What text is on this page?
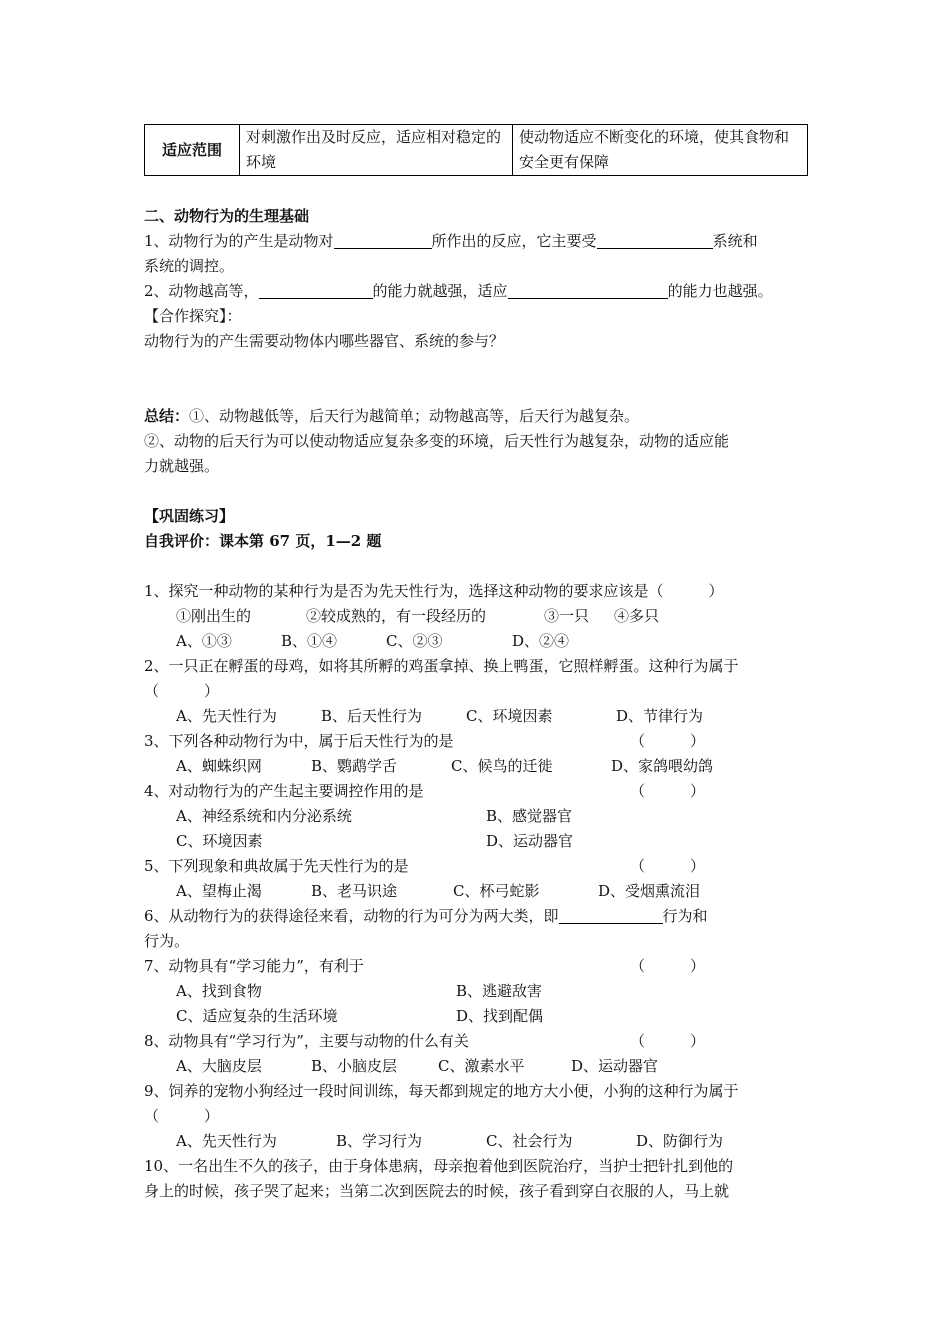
适应范围	对刺激作出及时反应，适应相对稳定的环境	使动物适应不断变化的环境，使其食物和安全更有保障

二、动物行为的生理基础

1、动物行为的产生是动物对	所作出的反应，它主要受	系统和

系统的调控。

2、动物越高等，	的能力就越强，适应	的能力也越强。

【合作探究】：

动物行为的产生需要动物体内哪些器官、系统的参与？

总结：①、动物越低等，后天行为越简单；动物越高等，后天行为越复杂。

②、动物的后天行为可以使动物适应复杂多变的环境，后天性行为越复杂，动物的适应能

力就越强。

【巩固练习】

自我评价：课本第 67 页，1—2 题

1、探究一种动物的某种行为是否为先天性行为，选择这种动物的要求应该是（　　　）

①刚出生的	②较成熟的，有一段经历的	③一只 ④多只

A、①③	B、①④	C、②③	D、②④

2、一只正在孵蛋的母鸡，如将其所孵的鸡蛋拿掉、换上鸭蛋，它照样孵蛋。这种行为属于

（　　　）

A、先天性行为	B、后天性行为	C、环境因素	D、节律行为

3、下列各种动物行为中，属于后天性行为的是	（　　　）

A、蜘蛛织网	B、鹦鹉学舌	C、候鸟的迁徙	D、家鸽喂幼鸽

4、对动物行为的产生起主要调控作用的是	（　　　）

A、神经系统和内分泌系统	B、感觉器官

C、环境因素	D、运动器官

5、下列现象和典故属于先天性行为的是	（　　　）

A、望梅止渴	B、老马识途	C、杯弓蛇影	D、受烟熏流泪

6、从动物行为的获得途径来看，动物的行为可分为两大类，即	行为和

行为。

7、动物具有“学习能力”，有利于	（　　　）

A、找到食物	B、逃避敌害

C、适应复杂的生活环境	D、找到配偶

8、动物具有“学习行为”，主要与动物的什么有关	（　　　）

A、大脑皮层	B、小脑皮层	C、激素水平	D、运动器官

9、饲养的宠物小狗经过一段时间训练，每天都到规定的地方大小便，小狗的这种行为属于

（　　　）

A、先天性行为	B、学习行为	C、社会行为	D、防御行为

10、一名出生不久的孩子，由于身体患病，母亲抱着他到医院治疗，当护士把针扎到他的

身上的时候，孩子哭了起来；当第二次到医院去的时候，孩子看到穿白衣服的人，马上就
